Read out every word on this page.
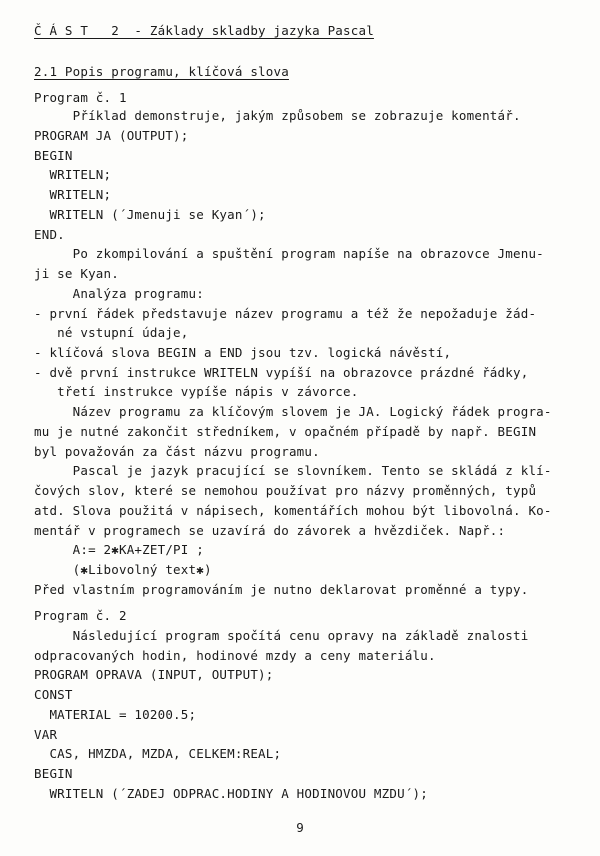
Č Á S T   2  - Základy skladby jazyka Pascal
2.1 Popis programu, klíčová slova
Program č. 1
Příklad demonstruje, jakým způsobem se zobrazuje komentář.
PROGRAM JA (OUTPUT);
BEGIN
WRITELN;
WRITELN;
WRITELN (´Jmenuji se Kyan´);
END.
Po zkompilování a spuštění program napíše na obrazovce Jmenu-
ji se Kyan.
Analýza programu:
- první řádek představuje název programu a též že nepožaduje žád-
né vstupní údaje,
- klíčová slova BEGIN a END jsou tzv. logická návěstí,
- dvě první instrukce WRITELN vypíší na obrazovce prázdné řádky,
třetí instrukce vypíše nápis v závorce.
Název programu za klíčovým slovem je JA. Logický řádek progra-
mu je nutné zakončit středníkem, v opačném případě by např. BEGIN
byl považován za část názvu programu.
Pascal je jazyk pracující se slovníkem. Tento se skládá z klí-
čových slov, které se nemohou používat pro názvy proměnných, typů
atd. Slova použitá v nápisech, komentářích mohou být libovolná. Ko-
mentář v programech se uzavírá do závorek a hvězdiček. Např.:
A:= 2✱KA+ZET/PI ;
(✱Libovolný text✱)
Před vlastním programováním je nutno deklarovat proměnné a typy.
Program č. 2
Následující program spočítá cenu opravy na základě znalosti
odpracovaných hodin, hodinové mzdy a ceny materiálu.
PROGRAM OPRAVA (INPUT, OUTPUT);
CONST
MATERIAL = 10200.5;
VAR
CAS, HMZDA, MZDA, CELKEM:REAL;
BEGIN
WRITELN (´ZADEJ ODPRAC.HODINY A HODINOVOU MZDU´);
9
